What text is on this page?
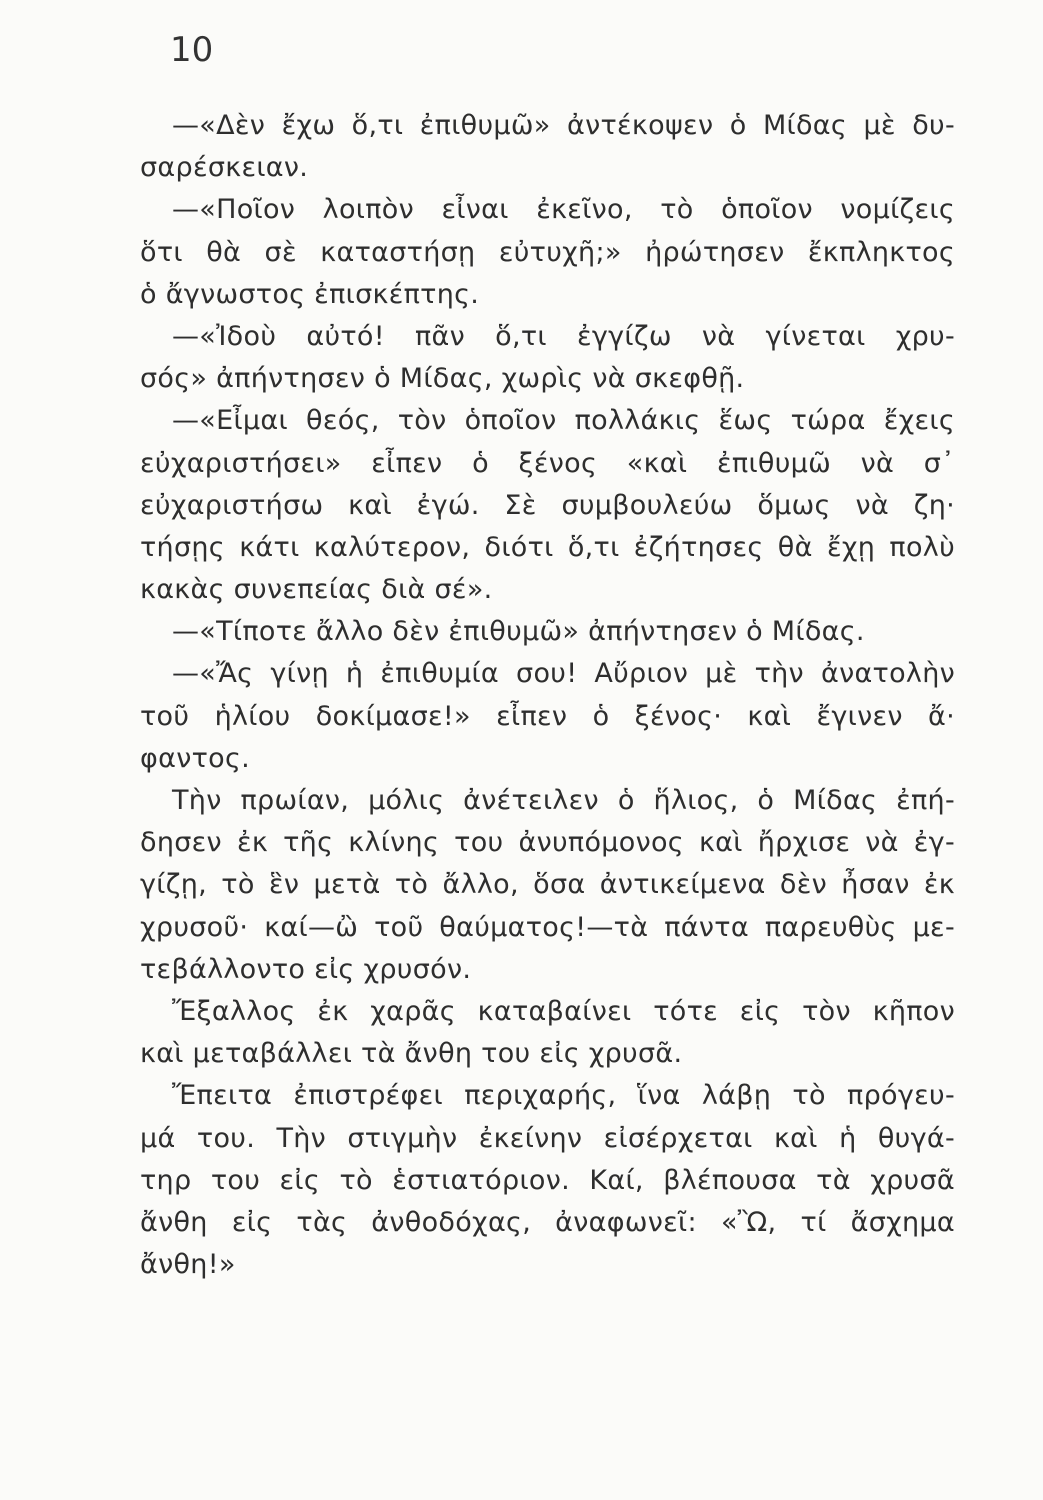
10
—«Δὲν ἔχω ὅ,τι ἐπιθυμῶ» ἀντέκοψεν ὁ Μίδας μὲ δυ-
σαρέσκειαν.
—«Ποῖον λοιπὸν εἶναι ἐκεῖνο, τὸ ὁποῖον νομίζεις
ὅτι θὰ σὲ καταστήσῃ εὐτυχῆ;» ἠρώτησεν ἔκπληκτος
ὁ ἄγνωστος ἐπισκέπτης.
—«Ἰδοὺ αὐτό! πᾶν ὅ,τι ἐγγίζω νὰ γίνεται χρυ-
σός» ἀπήντησεν ὁ Μίδας, χωρὶς νὰ σκεφθῇ.
—«Εἶμαι θεός, τὸν ὁποῖον πολλάκις ἕως τώρα ἔχεις
εὐχαριστήσει» εἶπεν ὁ ξένος «καὶ ἐπιθυμῶ νὰ σ᾽
εὐχαριστήσω καὶ ἐγώ. Σὲ συμβουλεύω ὅμως νὰ ζη·
τήσῃς κάτι καλύτερον, διότι ὅ,τι ἐζήτησες θὰ ἔχῃ πολὺ
κακὰς συνεπείας διὰ σέ».
—«Τίποτε ἄλλο δὲν ἐπιθυμῶ» ἀπήντησεν ὁ Μίδας.
—«Ἄς γίνῃ ἡ ἐπιθυμία σου! Αὔριον μὲ τὴν ἀνατολὴν
τοῦ ἡλίου δοκίμασε!» εἶπεν ὁ ξένος· καὶ ἔγινεν ἄ·
φαντος.
Τὴν πρωίαν, μόλις ἀνέτειλεν ὁ ἥλιος, ὁ Μίδας ἐπή-
δησεν ἐκ τῆς κλίνης του ἀνυπόμονος καὶ ἤρχισε νὰ ἐγ-
γίζῃ, τὸ ἓν μετὰ τὸ ἄλλο, ὅσα ἀντικείμενα δὲν ἦσαν ἐκ
χρυσοῦ· καί—ὢ τοῦ θαύματος!—τὰ πάντα παρευθὺς με-
τεβάλλοντο εἰς χρυσόν.
Ἔξαλλος ἐκ χαρᾶς καταβαίνει τότε εἰς τὸν κῆπον
καὶ μεταβάλλει τὰ ἄνθη του εἰς χρυσᾶ.
Ἔπειτα ἐπιστρέφει περιχαρής, ἵνα λάβῃ τὸ πρόγευ-
μά του. Τὴν στιγμὴν ἐκείνην εἰσέρχεται καὶ ἡ θυγά-
τηρ του εἰς τὸ ἑστιατόριον. Καί, βλέπουσα τὰ χρυσᾶ
ἄνθη εἰς τὰς ἀνθοδόχας, ἀναφωνεῖ: «Ὢ, τί ἄσχημα
ἄνθη!»
